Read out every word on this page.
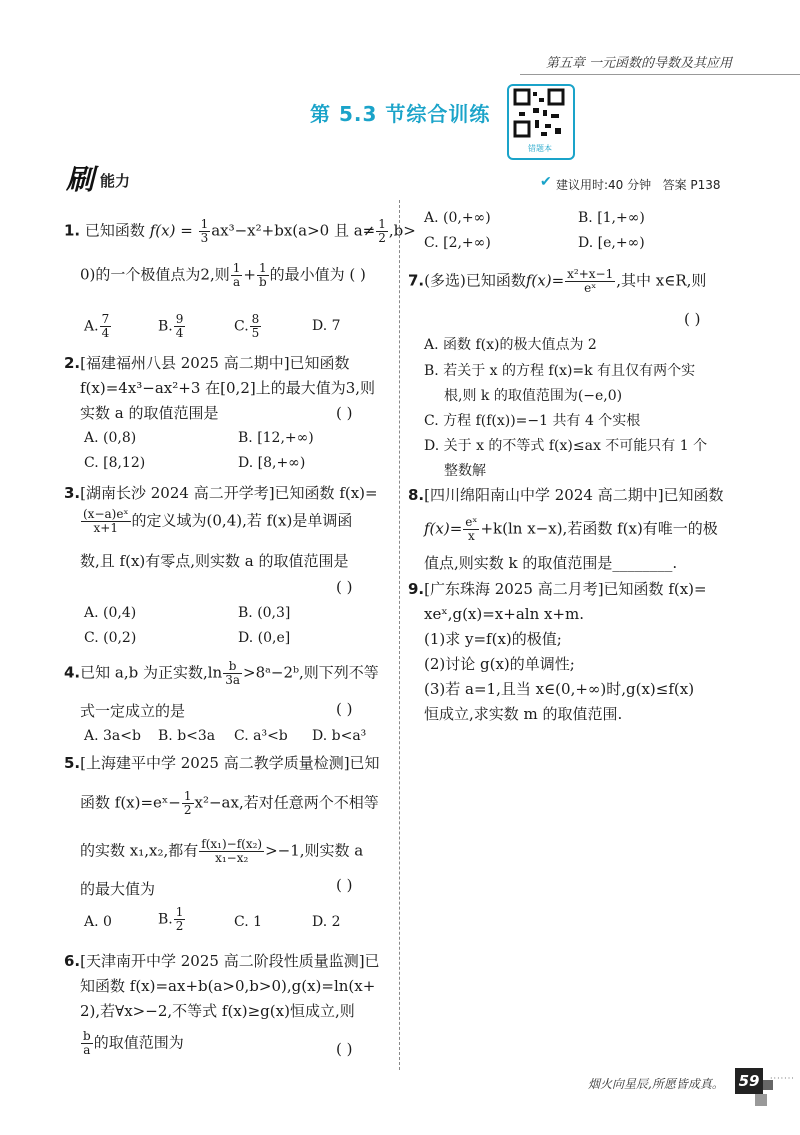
第五章 一元函数的导数及其应用
第 5.3 节综合训练
错题本
刷 能力	✔ 建议用时:40 分钟 答案 P138
1. 已知函数 $f(x) = \frac{1}{3} ax^3-x^2+bx(a>0$ 且 $a\ne \frac{1}{2} ,b>$
0)的一个极值点为2,则 $\frac{1}{a} + \frac{1}{b}$ 的最小值为 ( )
A. $\frac{7}{4}$	B. $\frac{9}{4}$	C. $\frac{8}{5}$	D. 7
2.[福建福州八县 2025 高二期中]已知函数
f(x)=4x³−ax²+3 在[0,2]上的最大值为3,则
实数 a 的取值范围是	( )
A. (0,8)	B. [12,+∞)
C. [8,12)	D. [8,+∞)
3.[湖南长沙 2024 高二开学考]已知函数 f(x)=
$\frac{\text{(x−a)eˣ}}{x+1}$ 的定义域为(0,4),若 f(x)是单调函
数,且 f(x)有零点,则实数 a 的取值范围是
( )
A. (0,4)	B. (0,3]
C. (0,2)	D. (0,e]
4.已知 a,b 为正实数$,\ln \frac{b}{3a}$ >8ᵃ−2ᵇ,则下列不等
式一定成立的是	( )
A. 3a<b B. b<3a C. a³<b D. b<a³
5.[上海建平中学 2025 高二教学质量检测]已知
函数 f(x)=eˣ− $\frac{1}{2} x^2-ax$,若对任意两个不相等
的实数 x₁,x₂,都有 $\frac{\text{f(x₁)−f(x₂)}}{\text{x₁−x₂}} >-1$,则实数 a
的最大值为	( )
A. 0	B. $\frac{1}{2}$	C. 1	D. 2
6.[天津南开中学 2025 高二阶段性质量监测]已
知函数 f(x)=ax+b(a>0,b>0),g(x)=ln(x+
2),若∀x>−2,不等式 f(x)≥g(x)恒成立,则
$\frac{b}{a}$ 的取值范围为	( )
A. (0,+∞)	B. [1,+∞)
C. [2,+∞)	D. [e,+∞)
7.(多选)已知函数$f(x)= \frac{\text{x²+x−1}}{\text{eˣ}}$ ,其中 x∈R,则
( )
A. 函数 f(x)的极大值点为 2
B. 若关于 x 的方程 f(x)=k 有且仅有两个实
根,则 k 的取值范围为(−e,0)
C. 方程 f(f(x))=−1 共有 4 个实根
D. 关于 x 的不等式 f(x)≤ax 不可能只有 1 个
整数解
8.[四川绵阳南山中学 2024 高二期中]已知函数
$f(x)= \frac{\text{eˣ}}{x} +k(\ln$ x−x),若函数 f(x)有唯一的极
值点,则实数 k 的取值范围是________.
9.[广东珠海 2025 高二月考]已知函数 f(x)=
xeˣ,g(x)=x+aln x+m.
(1)求 y=f(x)的极值;
(2)讨论 g(x)的单调性;
(3)若 a=1,且当 x∈(0,+∞)时,g(x)≤f(x)
恒成立,求实数 m 的取值范围.
烟火向星辰,所愿皆成真。 59	·······
